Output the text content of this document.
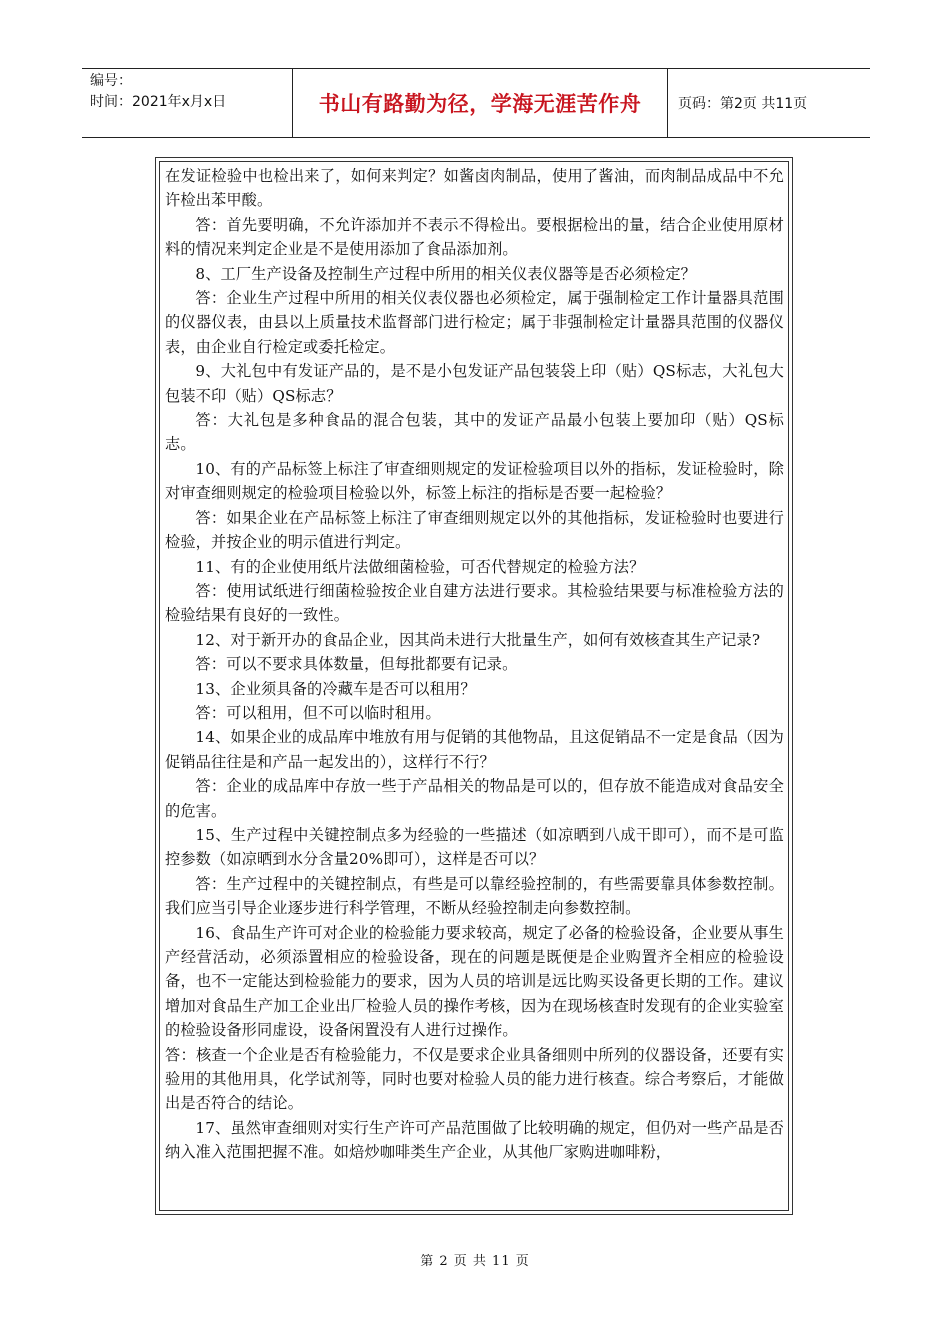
编号：
时间：2021年x月x日	书山有路勤为径，学海无涯苦作舟	页码：第2页 共11页

在发证检验中也检出来了，如何来判定？如酱卤肉制品，使用了酱油，而肉制品成品中不允许检出苯甲酸。

答：首先要明确，不允许添加并不表示不得检出。要根据检出的量，结合企业使用原材料的情况来判定企业是不是使用添加了食品添加剂。

8、工厂生产设备及控制生产过程中所用的相关仪表仪器等是否必须检定？

答：企业生产过程中所用的相关仪表仪器也必须检定，属于强制检定工作计量器具范围的仪器仪表，由县以上质量技术监督部门进行检定；属于非强制检定计量器具范围的仪器仪表，由企业自行检定或委托检定。

9、大礼包中有发证产品的，是不是小包发证产品包装袋上印（贴）QS标志，大礼包大包装不印（贴）QS标志？

答：大礼包是多种食品的混合包装，其中的发证产品最小包装上要加印（贴）QS标志。

10、有的产品标签上标注了审查细则规定的发证检验项目以外的指标，发证检验时，除对审查细则规定的检验项目检验以外，标签上标注的指标是否要一起检验？

答：如果企业在产品标签上标注了审查细则规定以外的其他指标，发证检验时也要进行检验，并按企业的明示值进行判定。

11、有的企业使用纸片法做细菌检验，可否代替规定的检验方法？

答：使用试纸进行细菌检验按企业自建方法进行要求。其检验结果要与标准检验方法的检验结果有良好的一致性。

12、对于新开办的食品企业，因其尚未进行大批量生产，如何有效核查其生产记录?

答：可以不要求具体数量，但每批都要有记录。

13、企业须具备的冷藏车是否可以租用？

答：可以租用，但不可以临时租用。

14、如果企业的成品库中堆放有用与促销的其他物品，且这促销品不一定是食品（因为促销品往往是和产品一起发出的），这样行不行？

答：企业的成品库中存放一些于产品相关的物品是可以的，但存放不能造成对食品安全的危害。

15、生产过程中关键控制点多为经验的一些描述（如凉晒到八成干即可），而不是可监控参数（如凉晒到水分含量20%即可），这样是否可以？

答：生产过程中的关键控制点，有些是可以靠经验控制的，有些需要靠具体参数控制。我们应当引导企业逐步进行科学管理，不断从经验控制走向参数控制。

16、食品生产许可对企业的检验能力要求较高，规定了必备的检验设备，企业要从事生产经营活动，必须添置相应的检验设备，现在的问题是既便是企业购置齐全相应的检验设备，也不一定能达到检验能力的要求，因为人员的培训是远比购买设备更长期的工作。建议增加对食品生产加工企业出厂检验人员的操作考核，因为在现场核查时发现有的企业实验室的检验设备形同虚设，设备闲置没有人进行过操作。

答：核查一个企业是否有检验能力，不仅是要求企业具备细则中所列的仪器设备，还要有实验用的其他用具，化学试剂等，同时也要对检验人员的能力进行核查。综合考察后，才能做出是否符合的结论。

17、虽然审查细则对实行生产许可产品范围做了比较明确的规定，但仍对一些产品是否纳入准入范围把握不准。如焙炒咖啡类生产企业，从其他厂家购进咖啡粉，

第 2 页 共 11 页
